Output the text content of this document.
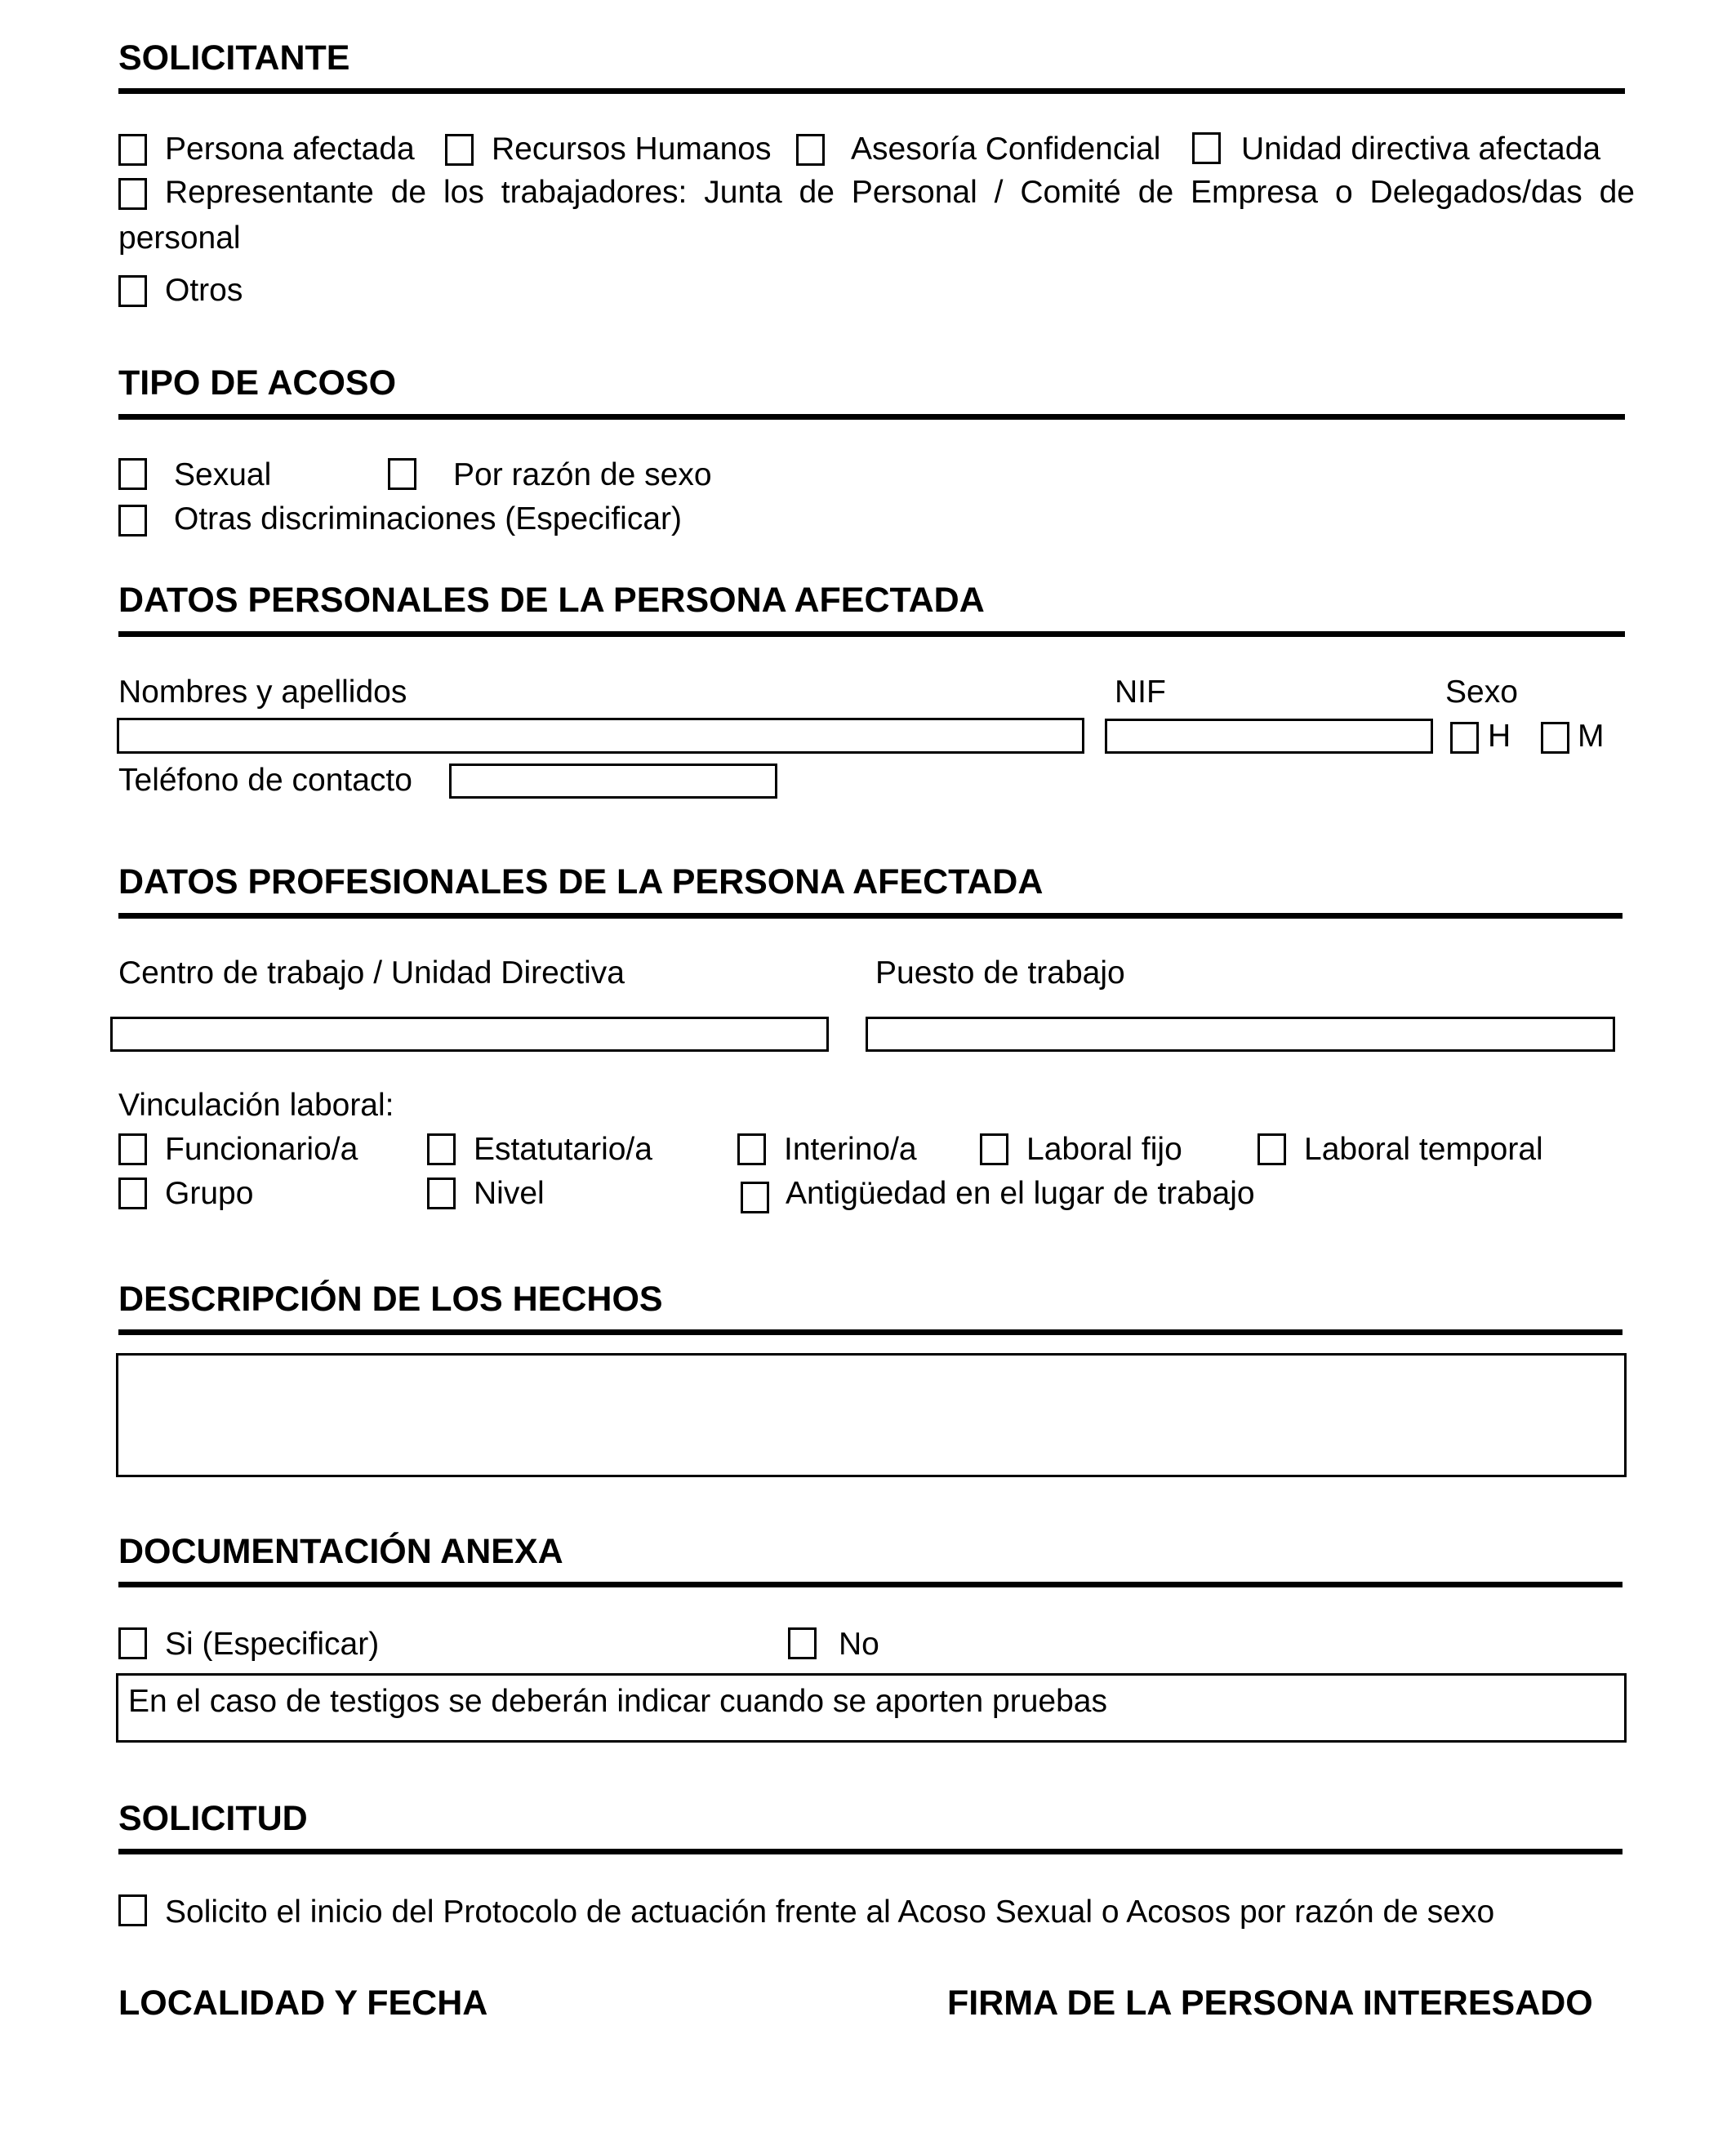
SOLICITANTE
Persona afectada Recursos Humanos	Asesoría Confidencial	Unidad directiva afectada
Representante de los trabajadores: Junta de Personal / Comité de Empresa o Delegados/das de
personal
Otros
TIPO DE ACOSO
Sexual	Por razón de sexo
Otras discriminaciones (Especificar)
DATOS PERSONALES DE LA PERSONA AFECTADA
Nombres y apellidos	NIF	Sexo
H M
Teléfono de contacto
DATOS PROFESIONALES DE LA PERSONA AFECTADA
Centro de trabajo / Unidad Directiva	Puesto de trabajo
Vinculación laboral:
Funcionario/a	Estatutario/a	Interino/a	Laboral fijo	Laboral temporal
Grupo	Nivel	Antigüedad en el lugar de trabajo
DESCRIPCIÓN DE LOS HECHOS
DOCUMENTACIÓN ANEXA
Si (Especificar)	No
En el caso de testigos se deberán indicar cuando se aporten pruebas
SOLICITUD
Solicito el inicio del Protocolo de actuación frente al Acoso Sexual o Acosos por razón de sexo
LOCALIDAD Y FECHA	FIRMA DE LA PERSONA INTERESADO
